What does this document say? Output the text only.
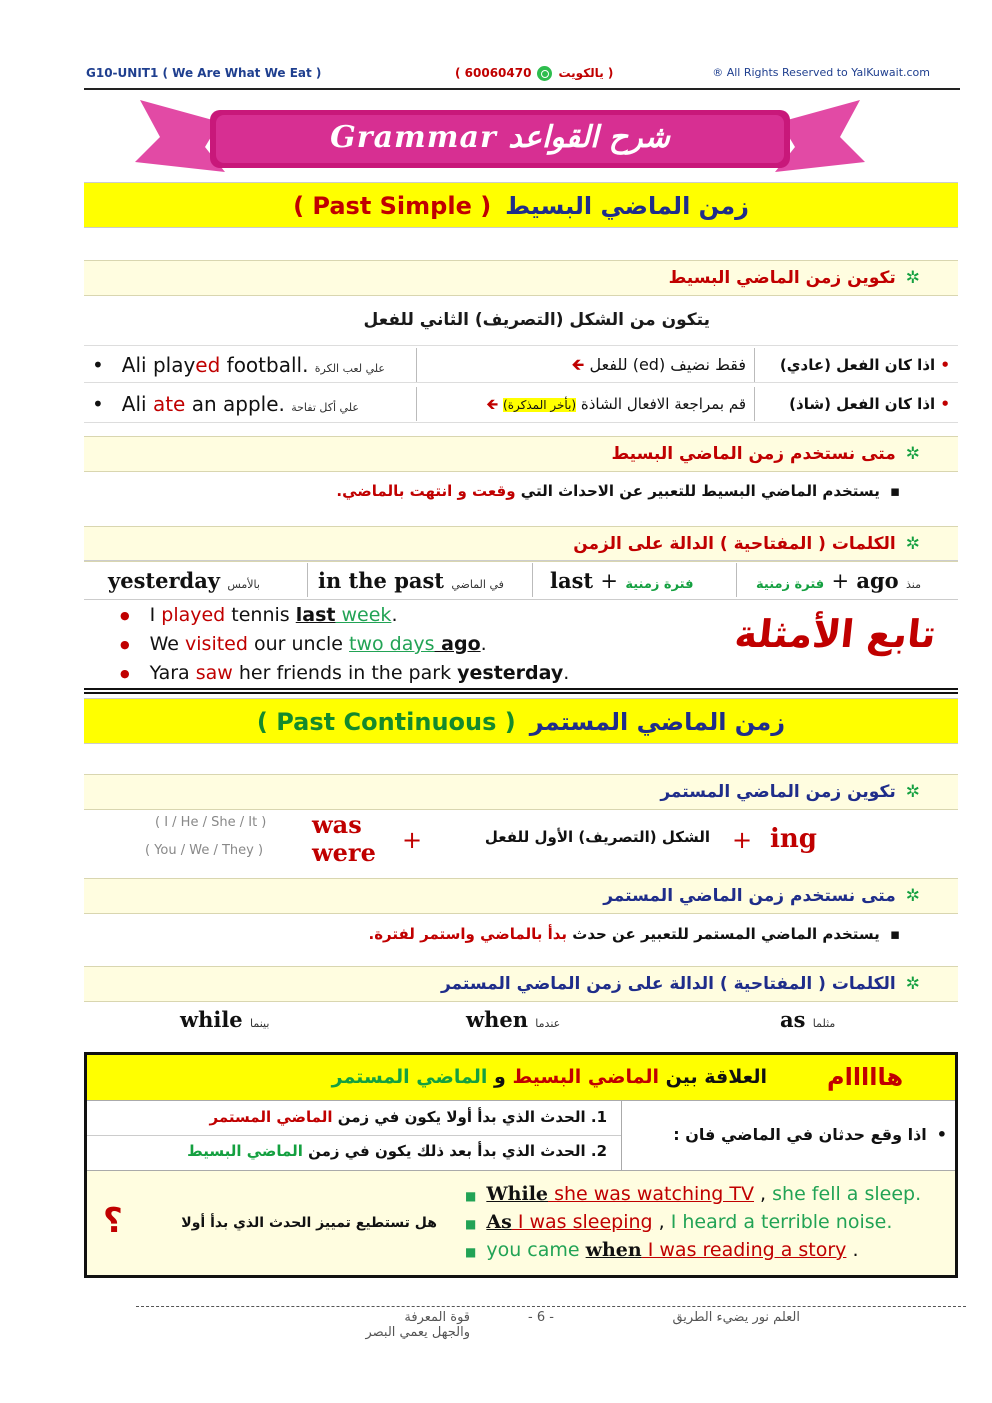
G10-UNIT1 ( We Are What We Eat )	( 60060470 يالكويت )	® All Rights Reserved to YalKuwait.com
Grammar شرح القواعد
( Past Simple ) زمن الماضي البسيط
✲تكوين زمن الماضي البسيط
يتكون من الشكل (التصريف) الثاني للفعل
• Ali played football. علي لعب الكرة	فقط نضيف (ed) للفعل 🡸	• اذا كان الفعل (عادي)
• Ali ate an apple. علي أكل تفاحة	قم بمراجعة الافعال الشاذة (بأخر المذكرة) 🡸	• اذا كان الفعل (شاذ)
✲متى نستخدم زمن الماضي البسيط
▪يستخدم الماضي البسيط للتعبير عن الاحداث التي وقعت و انتهت بالماضي.
✲الكلمات ( المفتاحية ) الدالة على الزمن
yesterday بالأمس	in the past في الماضي last + فترة زمنية	فترة زمنية + ago منذ
● I played tennis last week.
● We visited our uncle two days ago.
● Yara saw her friends in the park yesterday.
تابع الأمثلة
( Past Continuous ) زمن الماضي المستمر
✲تكوين زمن الماضي المستمر
( I / He / She / It )
( You / We / They )
was
were +	الشكل (التصريف) الأول للفعل + ing
✲متى نستخدم زمن الماضي المستمر
▪يستخدم الماضي المستمر للتعبير عن حدث بدأ بالماضي واستمر لفترة.
✲الكلمات ( المفتاحية ) الدالة على زمن الماضي المستمر
while بينما	when عندما	as مثلما
هااااام
العلاقة بين الماضي البسيط و الماضي المستمر
1. الحدث الذي بدأ أولا يكون في زمن الماضي المستمر
2. الحدث الذي بدأ بعد ذلك يكون في زمن الماضي البسيط
•اذا وقع حدثان في الماضي فان :
؟	هل تستطيع تمييز الحدث الذي بدأ أولا
■ While she was watching TV , she fell a sleep.
■ As I was sleeping , I heard a terrible noise.
■ you came when I was reading a story .
قوة المعرفة
والجهل يعمي البصر
- 6 -	العلم نور يضيء الطريق
